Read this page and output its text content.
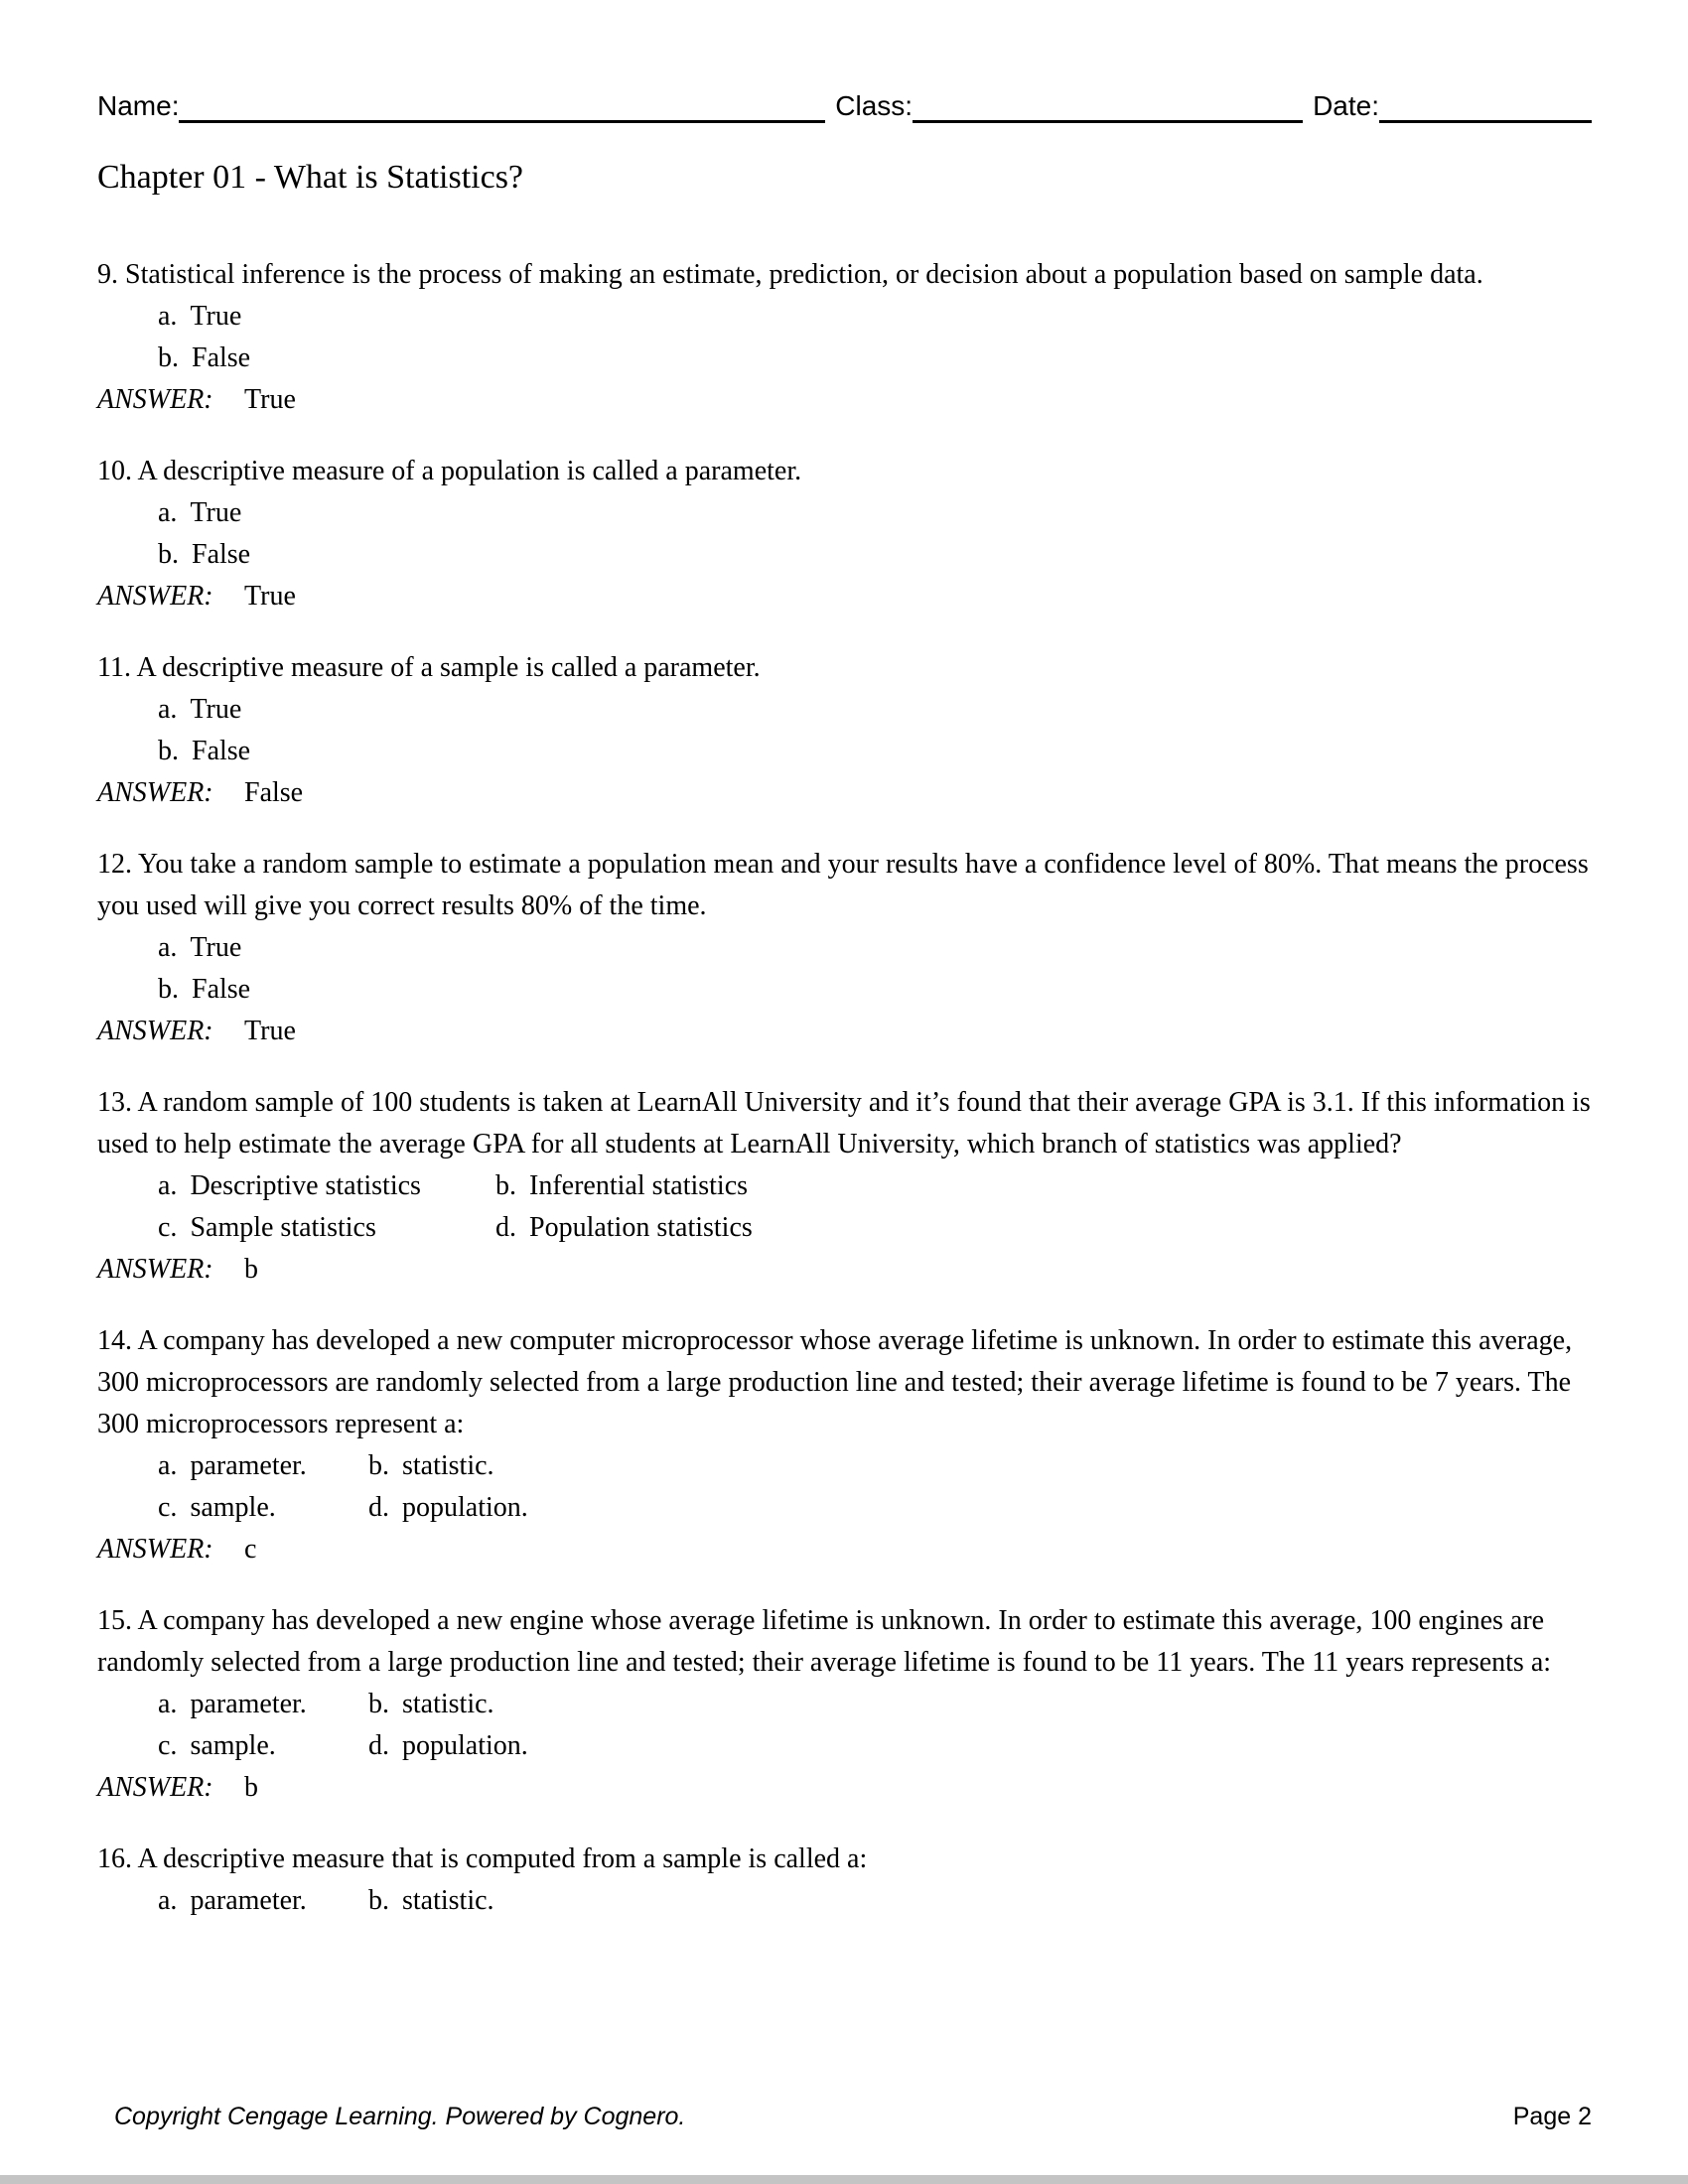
Name:	Class:	Date:
Chapter 01 - What is Statistics?
9. Statistical inference is the process of making an estimate, prediction, or decision about a population based on sample data.
a. True
b. False
ANSWER: True
10. A descriptive measure of a population is called a parameter.
a. True
b. False
ANSWER: True
11. A descriptive measure of a sample is called a parameter.
a. True
b. False
ANSWER: False
12. You take a random sample to estimate a population mean and your results have a confidence level of 80%. That means the process you used will give you correct results 80% of the time.
a. True
b. False
ANSWER: True
13. A random sample of 100 students is taken at LearnAll University and it’s found that their average GPA is 3.1. If this information is used to help estimate the average GPA for all students at LearnAll University, which branch of statistics was applied?
a. Descriptive statistics	b. Inferential statistics
c. Sample statistics	d. Population statistics
ANSWER: b
14. A company has developed a new computer microprocessor whose average lifetime is unknown. In order to estimate this average, 300 microprocessors are randomly selected from a large production line and tested; their average lifetime is found to be 7 years. The 300 microprocessors represent a:
a. parameter.	b. statistic.
c. sample.	d. population.
ANSWER: c
15. A company has developed a new engine whose average lifetime is unknown. In order to estimate this average, 100 engines are randomly selected from a large production line and tested; their average lifetime is found to be 11 years. The 11 years represents a:
a. parameter.	b. statistic.
c. sample.	d. population.
ANSWER: b
16. A descriptive measure that is computed from a sample is called a:
a. parameter.	b. statistic.
Copyright Cengage Learning. Powered by Cognero.	Page 2
